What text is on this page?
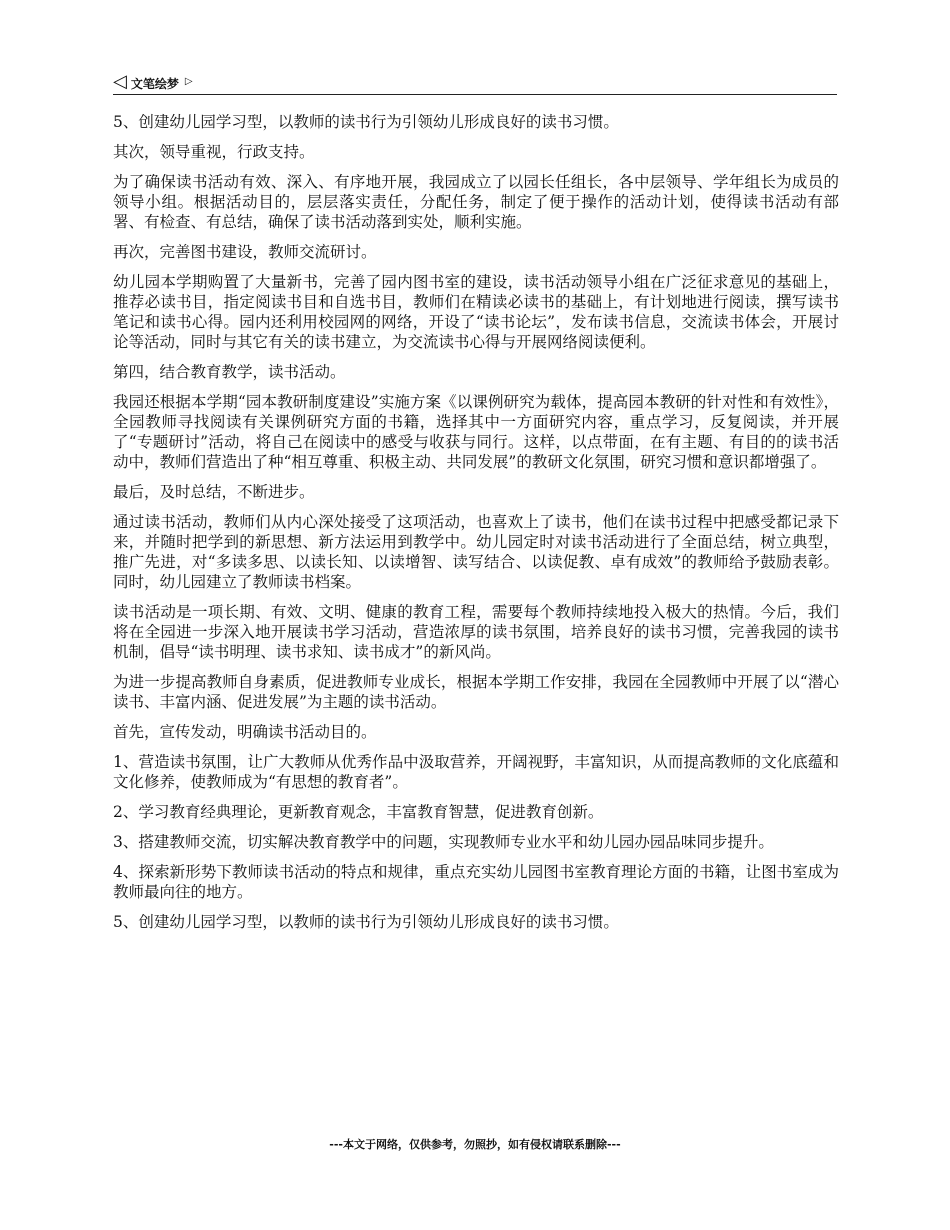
◁ 文笔绘梦 ▷

5、创建幼儿园学习型，以教师的读书行为引领幼儿形成良好的读书习惯。

其次，领导重视，行政支持。

为了确保读书活动有效、深入、有序地开展，我园成立了以园长任组长，各中层领导、学年组长为成员的领导小组。根据活动目的，层层落实责任，分配任务，制定了便于操作的活动计划，使得读书活动有部署、有检查、有总结，确保了读书活动落到实处，顺利实施。

再次，完善图书建设，教师交流研讨。

幼儿园本学期购置了大量新书，完善了园内图书室的建设，读书活动领导小组在广泛征求意见的基础上，推荐必读书目，指定阅读书目和自选书目，教师们在精读必读书的基础上，有计划地进行阅读，撰写读书笔记和读书心得。园内还利用校园网的网络，开设了“读书论坛”，发布读书信息，交流读书体会，开展讨论等活动，同时与其它有关的读书建立，为交流读书心得与开展网络阅读便利。

第四，结合教育教学，读书活动。

我园还根据本学期“园本教研制度建设”实施方案《以课例研究为载体，提高园本教研的针对性和有效性》，全园教师寻找阅读有关课例研究方面的书籍，选择其中一方面研究内容，重点学习，反复阅读，并开展了“专题研讨”活动，将自己在阅读中的感受与收获与同行。这样，以点带面，在有主题、有目的的读书活动中，教师们营造出了种“相互尊重、积极主动、共同发展”的教研文化氛围，研究习惯和意识都增强了。

最后，及时总结，不断进步。

通过读书活动，教师们从内心深处接受了这项活动，也喜欢上了读书，他们在读书过程中把感受都记录下来，并随时把学到的新思想、新方法运用到教学中。幼儿园定时对读书活动进行了全面总结，树立典型，推广先进，对“多读多思、以读长知、以读增智、读写结合、以读促教、卓有成效”的教师给予鼓励表彰。同时，幼儿园建立了教师读书档案。

读书活动是一项长期、有效、文明、健康的教育工程，需要每个教师持续地投入极大的热情。今后，我们将在全园进一步深入地开展读书学习活动，营造浓厚的读书氛围，培养良好的读书习惯，完善我园的读书机制，倡导“读书明理、读书求知、读书成才”的新风尚。

为进一步提高教师自身素质，促进教师专业成长，根据本学期工作安排，我园在全园教师中开展了以“潜心读书、丰富内涵、促进发展”为主题的读书活动。

首先，宣传发动，明确读书活动目的。

1、营造读书氛围，让广大教师从优秀作品中汲取营养，开阔视野，丰富知识，从而提高教师的文化底蕴和文化修养，使教师成为“有思想的教育者”。

2、学习教育经典理论，更新教育观念，丰富教育智慧，促进教育创新。

3、搭建教师交流，切实解决教育教学中的问题，实现教师专业水平和幼儿园办园品味同步提升。

4、探索新形势下教师读书活动的特点和规律，重点充实幼儿园图书室教育理论方面的书籍，让图书室成为教师最向往的地方。

5、创建幼儿园学习型，以教师的读书行为引领幼儿形成良好的读书习惯。

---本文于网络，仅供参考，勿照抄，如有侵权请联系删除---
